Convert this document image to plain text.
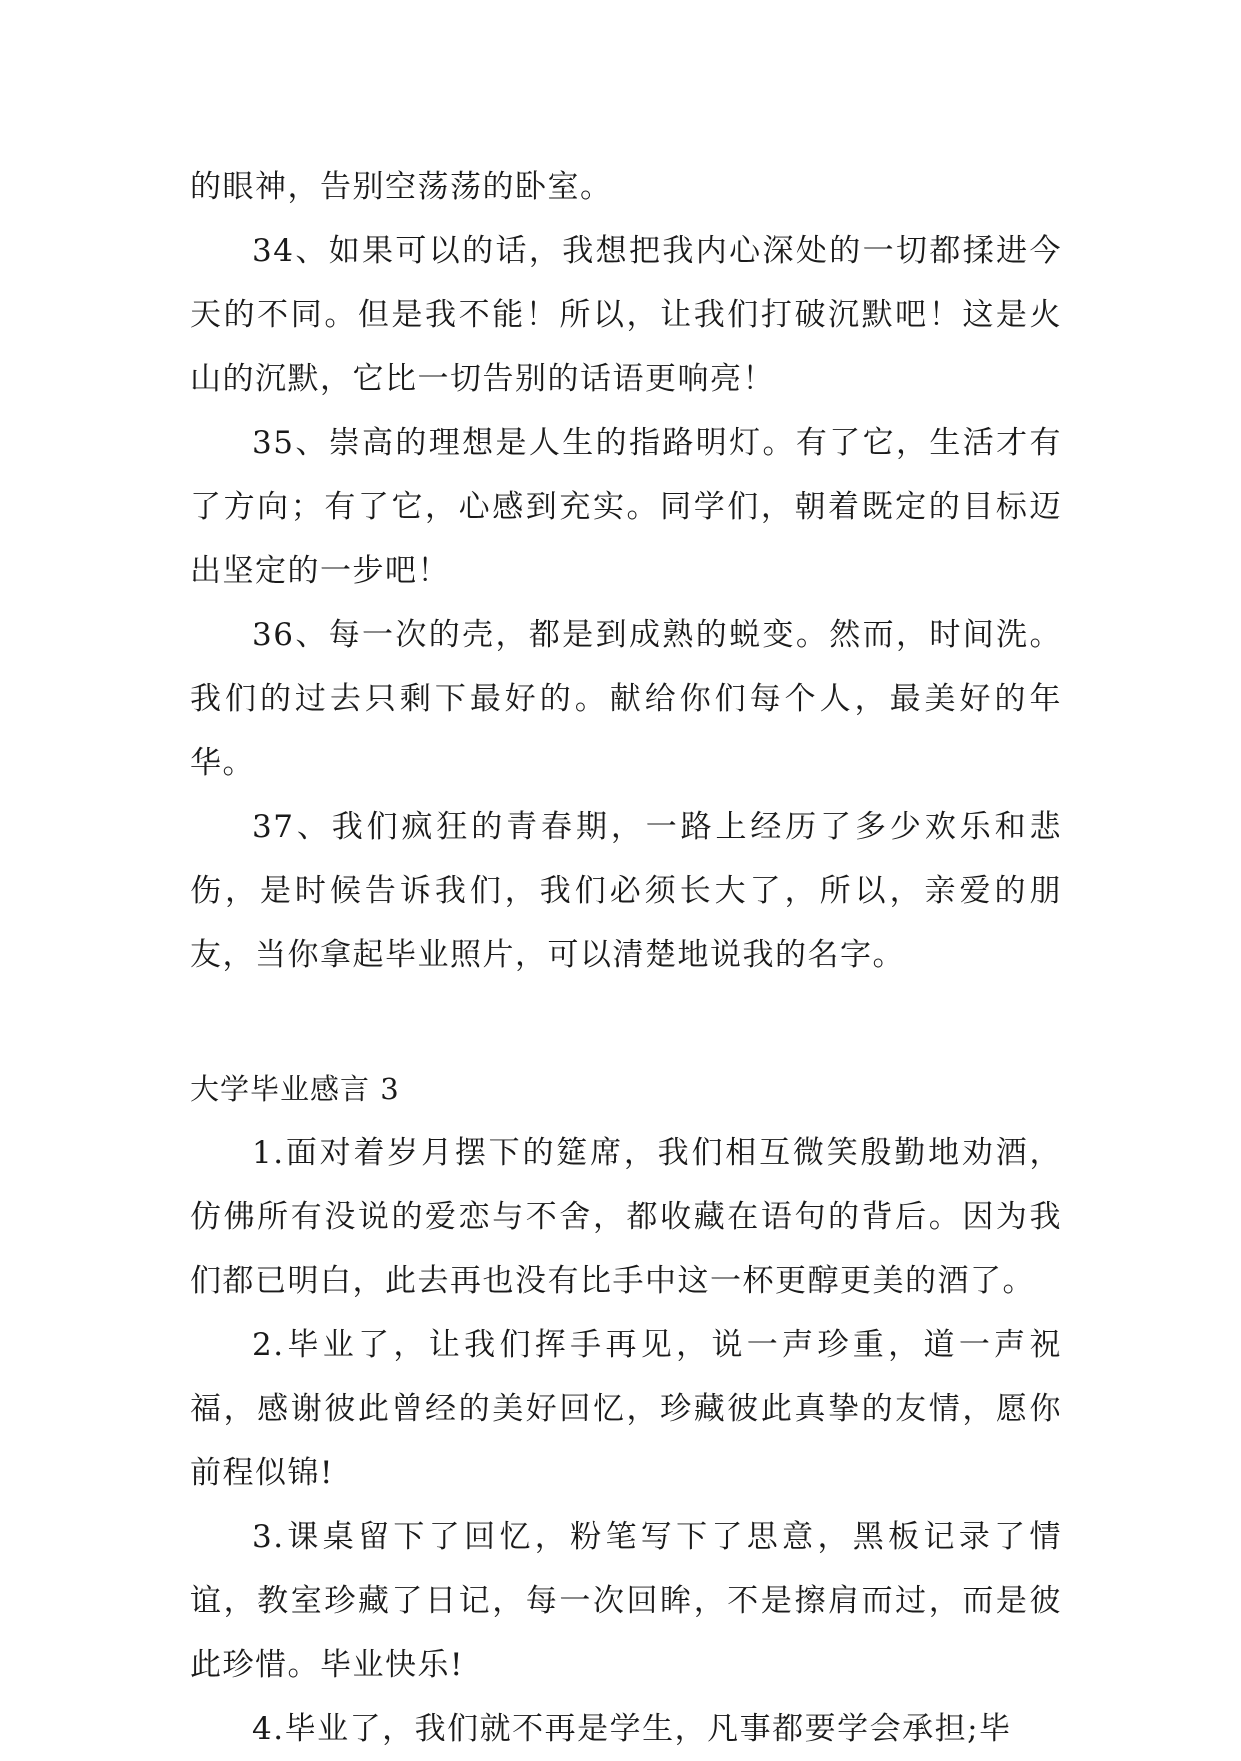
的眼神，告别空荡荡的卧室。

34、如果可以的话，我想把我内心深处的一切都揉进今天的不同。但是我不能！所以，让我们打破沉默吧！这是火山的沉默，它比一切告别的话语更响亮！

35、崇高的理想是人生的指路明灯。有了它，生活才有了方向；有了它，心感到充实。同学们，朝着既定的目标迈出坚定的一步吧！

36、每一次的壳，都是到成熟的蜕变。然而，时间洗。我们的过去只剩下最好的。献给你们每个人，最美好的年华。

37、我们疯狂的青春期，一路上经历了多少欢乐和悲伤，是时候告诉我们，我们必须长大了，所以，亲爱的朋友，当你拿起毕业照片，可以清楚地说我的名字。

大学毕业感言 3

1.面对着岁月摆下的筵席，我们相互微笑殷勤地劝酒，仿佛所有没说的爱恋与不舍，都收藏在语句的背后。因为我们都已明白，此去再也没有比手中这一杯更醇更美的酒了。

2.毕业了，让我们挥手再见，说一声珍重，道一声祝福，感谢彼此曾经的美好回忆，珍藏彼此真挚的友情，愿你前程似锦!

3.课桌留下了回忆，粉笔写下了思意，黑板记录了情谊，教室珍藏了日记，每一次回眸，不是擦肩而过，而是彼此珍惜。毕业快乐!

4.毕业了，我们就不再是学生，凡事都要学会承担;毕
